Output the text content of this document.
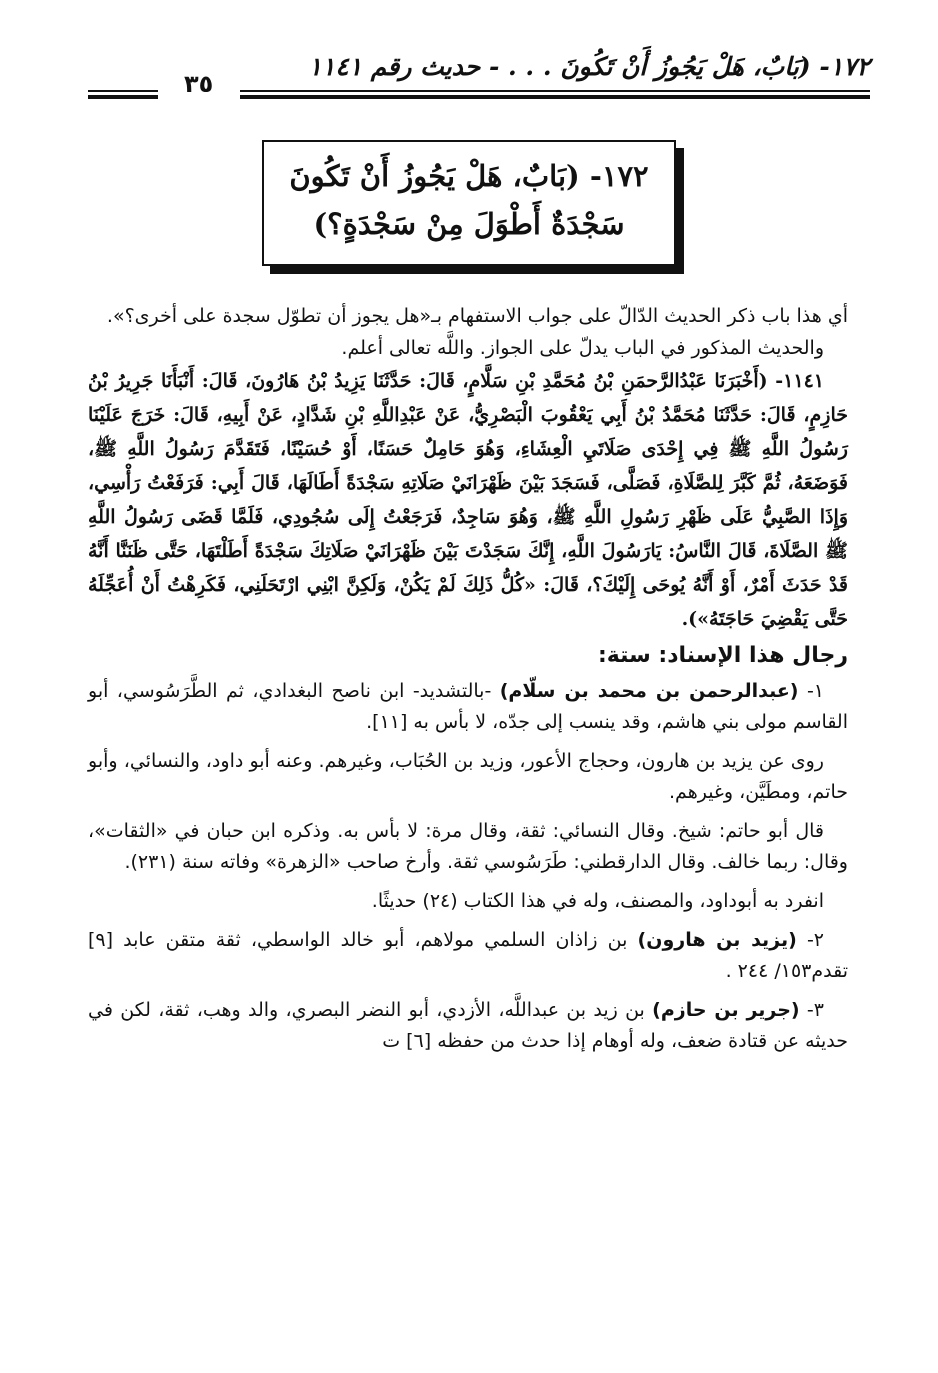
١٧٢- (بَابٌ، هَلْ يَجُوزُ أَنْ تَكُونَ . . . - حديث رقم ١١٤١
٣٥
١٧٢- (بَابٌ، هَلْ يَجُوزُ أَنْ تَكُونَ
سَجْدَةٌ أَطْوَلَ مِنْ سَجْدَةٍ؟)

أي هذا باب ذكر الحديث الدّالّ على جواب الاستفهام بـ«هل يجوز أن تطوّل سجدة على أخرى؟».

والحديث المذكور في الباب يدلّ على الجواز. واللَّه تعالى أعلم.

١١٤١- (أَخْبَرَنَا عَبْدُالرَّحمَنِ بْنُ مُحَمَّدِ بْنِ سَلَّامٍ، قَالَ: حَدَّثَنَا يَزِيدُ بْنُ هَارُونَ، قَالَ: أَنْبَأَنَا جَرِيرُ بْنُ حَازِمٍ، قَالَ: حَدَّثَنَا مُحَمَّدُ بْنُ أَبِي يَعْقُوبَ الْبَصْرِيُّ، عَنْ عَبْدِاللَّهِ بْنِ شَدَّادٍ، عَنْ أَبِيهِ، قَالَ: خَرَجَ عَلَيْنَا رَسُولُ اللَّهِ ﷺ فِي إِحْدَى صَلَاتَيِ الْعِشَاءِ، وَهُوَ حَامِلٌ حَسَنًا، أَوْ حُسَيْنًا، فَتَقَدَّمَ رَسُولُ اللَّهِ ﷺ، فَوَضَعَهُ، ثُمَّ كَبَّرَ لِلصَّلَاةِ، فَصَلَّى، فَسَجَدَ بَيْنَ ظَهْرَانَيْ صَلَاتِهِ سَجْدَةً أَطَالَهَا، قَالَ أَبِي: فَرَفَعْتُ رَأْسِي، وَإِذَا الصَّبِيُّ عَلَى ظَهْرِ رَسُولِ اللَّهِ ﷺ، وَهُوَ سَاجِدٌ، فَرَجَعْتُ إِلَى سُجُودِي، فَلَمَّا قَضَى رَسُولُ اللَّهِ ﷺ الصَّلَاةَ، قَالَ النَّاسُ: يَارَسُولَ اللَّهِ، إِنَّكَ سَجَدْتَ بَيْنَ ظَهْرَانَيْ صَلَاتِكَ سَجْدَةً أَطَلْتَهَا، حَتَّى ظَنَنَّا أَنَّهُ قَدْ حَدَثَ أَمْرٌ، أَوْ أَنَّهُ يُوحَى إِلَيْكَ؟، قَالَ: «كُلُّ ذَلِكَ لَمْ يَكُنْ، وَلَكِنَّ ابْنِي ارْتَحَلَنِي، فَكَرِهْتُ أَنْ أُعَجِّلَهُ حَتَّى يَقْضِيَ حَاجَتَهُ»).

رجال هذا الإسناد: ستة:

١- (عبدالرحمن بن محمد بن سلّام) -بالتشديد- ابن ناصح البغدادي، ثم الطَّرَسُوسي، أبو القاسم مولى بني هاشم، وقد ينسب إلى جدّه، لا بأس به [١١].

روى عن يزيد بن هارون، وحجاج الأعور، وزيد بن الحُبَاب، وغيرهم. وعنه أبو داود، والنسائي، وأبو حاتم، ومطَيَّن، وغيرهم.

قال أبو حاتم: شيخ. وقال النسائي: ثقة، وقال مرة: لا بأس به. وذكره ابن حبان في «الثقات»، وقال: ربما خالف. وقال الدارقطني: طَرَسُوسي ثقة. وأرخ صاحب «الزهرة» وفاته سنة (٢٣١).

انفرد به أبوداود، والمصنف، وله في هذا الكتاب (٢٤) حديثًا.

٢- (يزيد بن هارون) بن زاذان السلمي مولاهم، أبو خالد الواسطي، ثقة متقن عابد [٩] تقدم١٥٣/ ٢٤٤ .

٣- (جرير بن حازم) بن زيد بن عبداللَّه، الأزدي، أبو النضر البصري، والد وهب، ثقة، لكن في حديثه عن قتادة ضعف، وله أوهام إذا حدث من حفظه [٦] ت
